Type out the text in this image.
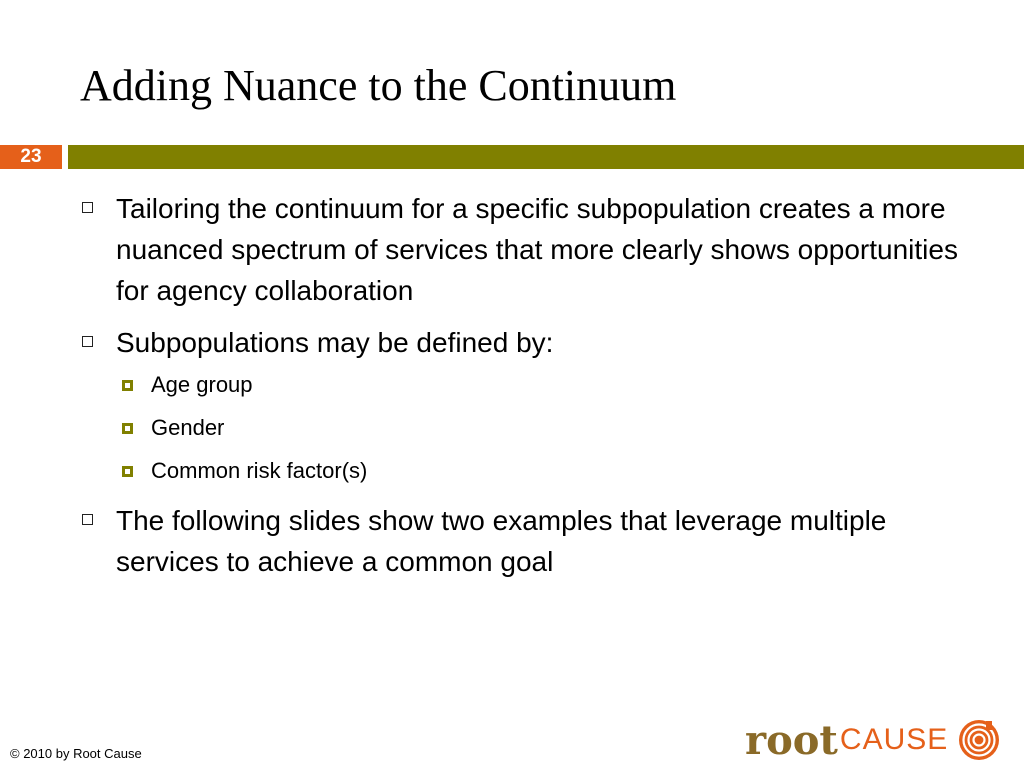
Adding Nuance to the Continuum
23
Tailoring the continuum for a specific subpopulation creates a more nuanced spectrum of services that more clearly shows opportunities for agency collaboration
Subpopulations may be defined by:
Age group
Gender
Common risk factor(s)
The following slides show two examples that leverage multiple services to achieve a common goal
© 2010 by Root Cause	root CAUSE
